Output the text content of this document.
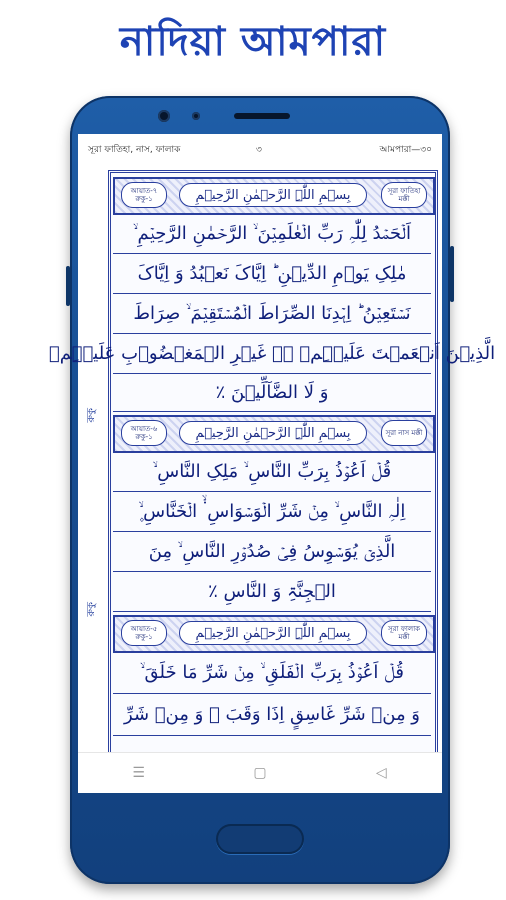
নাদিয়া আমপারা
সূরা ফাতিহা, নাস, ফালাক	৩	আমপারা—৩০
রুকু
রুকু
আয়াত-৭ রুকু-১	بِسۡمِ اللّٰہِ الرَّحۡمٰنِ الرَّحِیۡمِ	সূরা ফাতিহা মক্কী
اَلۡحَمۡدُ لِلّٰہِ رَبِّ الۡعٰلَمِیۡنَ ۙ الرَّحۡمٰنِ الرَّحِیۡمِ ۙ
مٰلِکِ یَوۡمِ الدِّیۡنِ ؕ اِیَّاکَ نَعۡبُدُ وَ اِیَّاکَ
نَسۡتَعِیۡنُ ؕ اِہۡدِنَا الصِّرَاطَ الۡمُسۡتَقِیۡمَ ۙ صِرَاطَ
الَّذِیۡنَ اَنۡعَمۡتَ عَلَیۡہِمۡ ۬ۙ غَیۡرِ الۡمَغۡضُوۡبِ عَلَیۡہِمۡ
وَ لَا الضَّآلِّیۡنَ ٪
আয়াত-৬ রুকু-১	بِسۡمِ اللّٰہِ الرَّحۡمٰنِ الرَّحِیۡمِ	সূরা নাস মক্কী
قُلۡ اَعُوۡذُ بِرَبِّ النَّاسِ ۙ مَلِکِ النَّاسِ ۙ
اِلٰہِ النَّاسِ ۙ مِنۡ شَرِّ الۡوَسۡوَاسِ ۬ۙ الۡخَنَّاسِ ۪ۙ
الَّذِیۡ یُوَسۡوِسُ فِیۡ صُدُوۡرِ النَّاسِ ۙ مِنَ
الۡجِنَّۃِ وَ النَّاسِ ٪
আয়াত-৫ রুকু-১	بِسۡمِ اللّٰہِ الرَّحۡمٰنِ الرَّحِیۡمِ	সূরা ফালাক মক্কী
قُلۡ اَعُوۡذُ بِرَبِّ الۡفَلَقِ ۙ مِنۡ شَرِّ مَا خَلَقَ ۙ
وَ مِنۡ شَرِّ غَاسِقٍ اِذَا وَقَبَ ۙ وَ مِنۡ شَرِّ
☰	▢	◁
